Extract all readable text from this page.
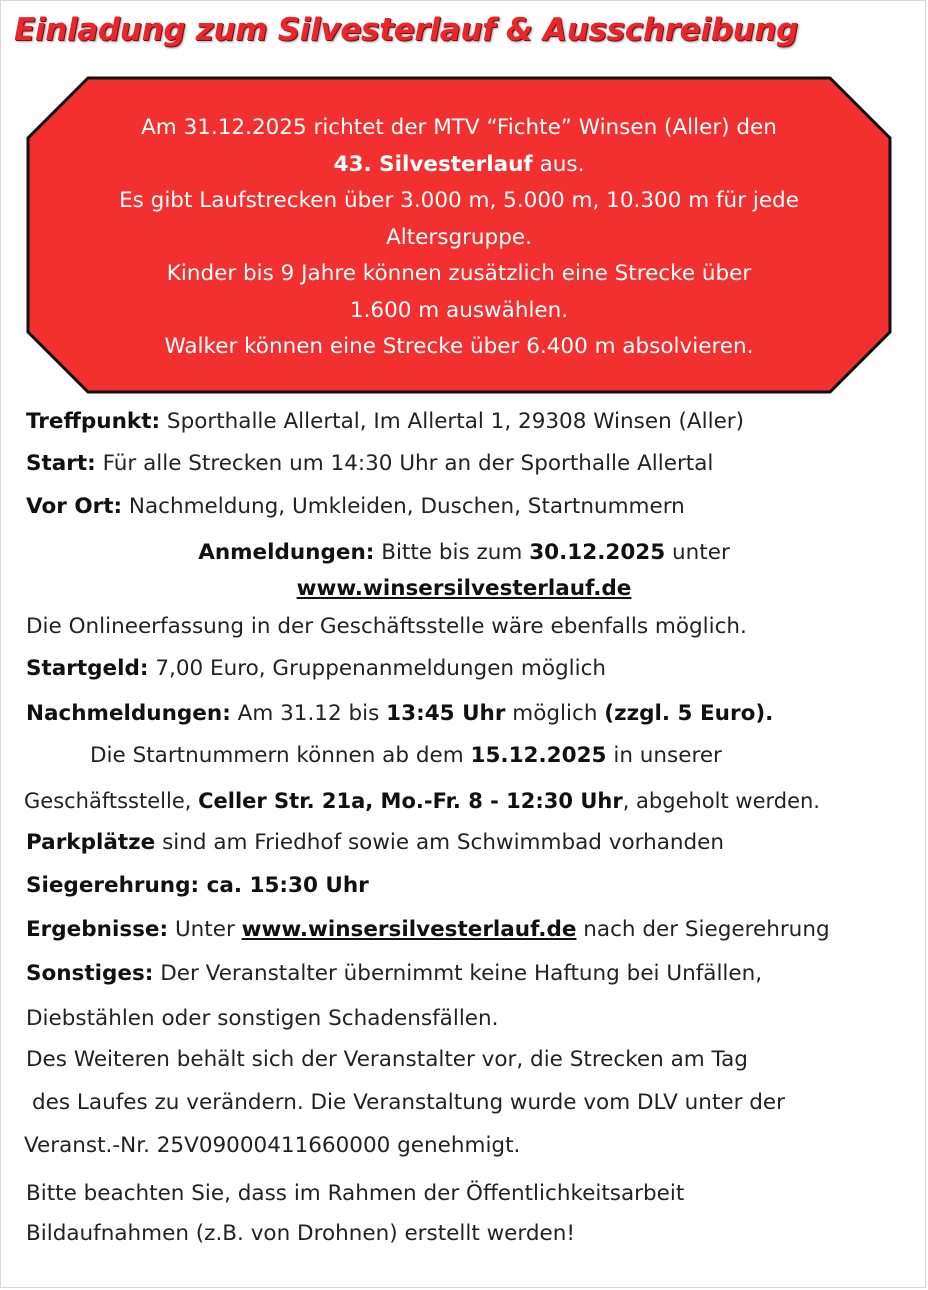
Einladung zum Silvesterlauf & Ausschreibung
Am 31.12.2025 richtet der MTV “Fichte” Winsen (Aller) den
43. Silvesterlauf aus.
Es gibt Laufstrecken über 3.000 m, 5.000 m, 10.300 m für jede
Altersgruppe.
Kinder bis 9 Jahre können zusätzlich eine Strecke über
1.600 m auswählen.
Walker können eine Strecke über 6.400 m absolvieren.
Treffpunkt: Sporthalle Allertal, Im Allertal 1, 29308 Winsen (Aller)
Start: Für alle Strecken um 14:30 Uhr an der Sporthalle Allertal
Vor Ort: Nachmeldung, Umkleiden, Duschen, Startnummern
Anmeldungen: Bitte bis zum 30.12.2025 unter
www.winsersilvesterlauf.de
Die Onlineerfassung in der Geschäftsstelle wäre ebenfalls möglich.
Startgeld: 7,00 Euro, Gruppenanmeldungen möglich
Nachmeldungen: Am 31.12 bis 13:45 Uhr möglich (zzgl. 5 Euro).
Die Startnummern können ab dem 15.12.2025 in unserer
Geschäftsstelle, Celler Str. 21a, Mo.-Fr. 8 - 12:30 Uhr, abgeholt werden.
Parkplätze sind am Friedhof sowie am Schwimmbad vorhanden
Siegerehrung: ca. 15:30 Uhr
Ergebnisse: Unter www.winsersilvesterlauf.de nach der Siegerehrung
Sonstiges: Der Veranstalter übernimmt keine Haftung bei Unfällen,
Diebstählen oder sonstigen Schadensfällen.
Des Weiteren behält sich der Veranstalter vor, die Strecken am Tag
des Laufes zu verändern. Die Veranstaltung wurde vom DLV unter der
Veranst.-Nr. 25V09000411660000 genehmigt.
Bitte beachten Sie, dass im Rahmen der Öffentlichkeitsarbeit
Bildaufnahmen (z.B. von Drohnen) erstellt werden!
